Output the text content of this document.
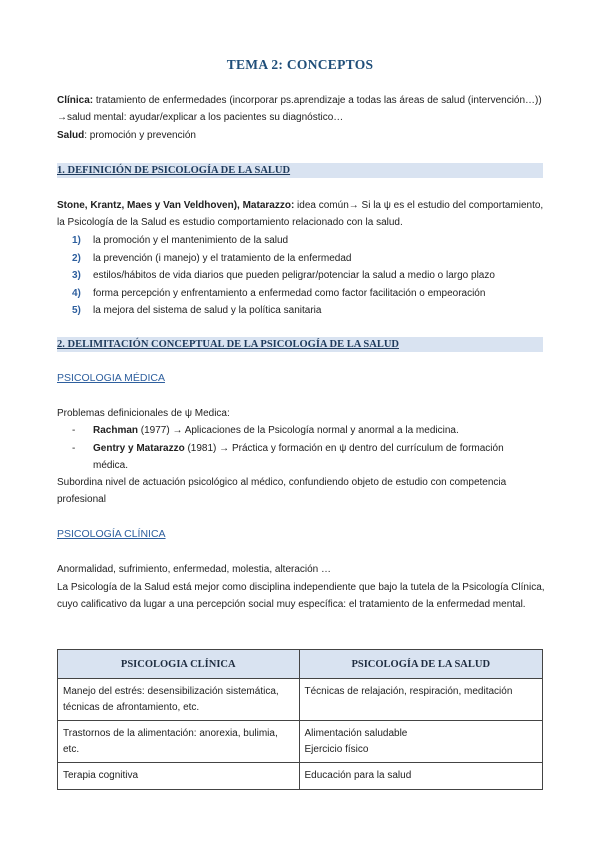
TEMA 2: CONCEPTOS
Clínica: tratamiento de enfermedades (incorporar ps.aprendizaje a todas las áreas de salud (intervención…)) →salud mental: ayudar/explicar a los pacientes su diagnóstico…
Salud: promoción y prevención
1. DEFINICIÓN DE PSICOLOGÍA DE LA SALUD
Stone, Krantz, Maes y Van Veldhoven), Matarazzo: idea común→ Si la ψ es el estudio del comportamiento, la Psicología de la Salud es estudio comportamiento relacionado con la salud.
1)	la promoción y el mantenimiento de la salud
2)	la prevención (i manejo) y el tratamiento de la enfermedad
3)	estilos/hábitos de vida diarios que pueden peligrar/potenciar la salud a medio o largo plazo
4)	forma percepción y enfrentamiento a enfermedad como factor facilitación o empeoración
5)	la mejora del sistema de salud y la política sanitaria
2. DELIMITACIÓN CONCEPTUAL DE LA PSICOLOGÍA DE LA SALUD
PSICOLOGIA MÉDICA
Problemas definicionales de ψ Medica:
-	Rachman (1977) → Aplicaciones de la Psicología normal y anormal a la medicina.
-	Gentry y Matarazzo (1981) → Práctica y formación en ψ dentro del currículum de formación médica.
Subordina nivel de actuación psicológico al médico, confundiendo objeto de estudio con competencia profesional
PSICOLOGÍA CLÍNICA
Anormalidad, sufrimiento, enfermedad, molestia, alteración …
La Psicología de la Salud está mejor como disciplina independiente que bajo la tutela de la Psicología Clínica, cuyo calificativo da lugar a una percepción social muy específica: el tratamiento de la enfermedad mental.
PSICOLOGIA CLÍNICA	PSICOLOGÍA DE LA SALUD
Manejo del estrés: desensibilización sistemática, técnicas de afrontamiento, etc.	Técnicas de relajación, respiración, meditación
Trastornos de la alimentación: anorexia, bulimia, etc.	Alimentación saludable
Ejercicio físico
Terapia cognitiva	Educación para la salud
